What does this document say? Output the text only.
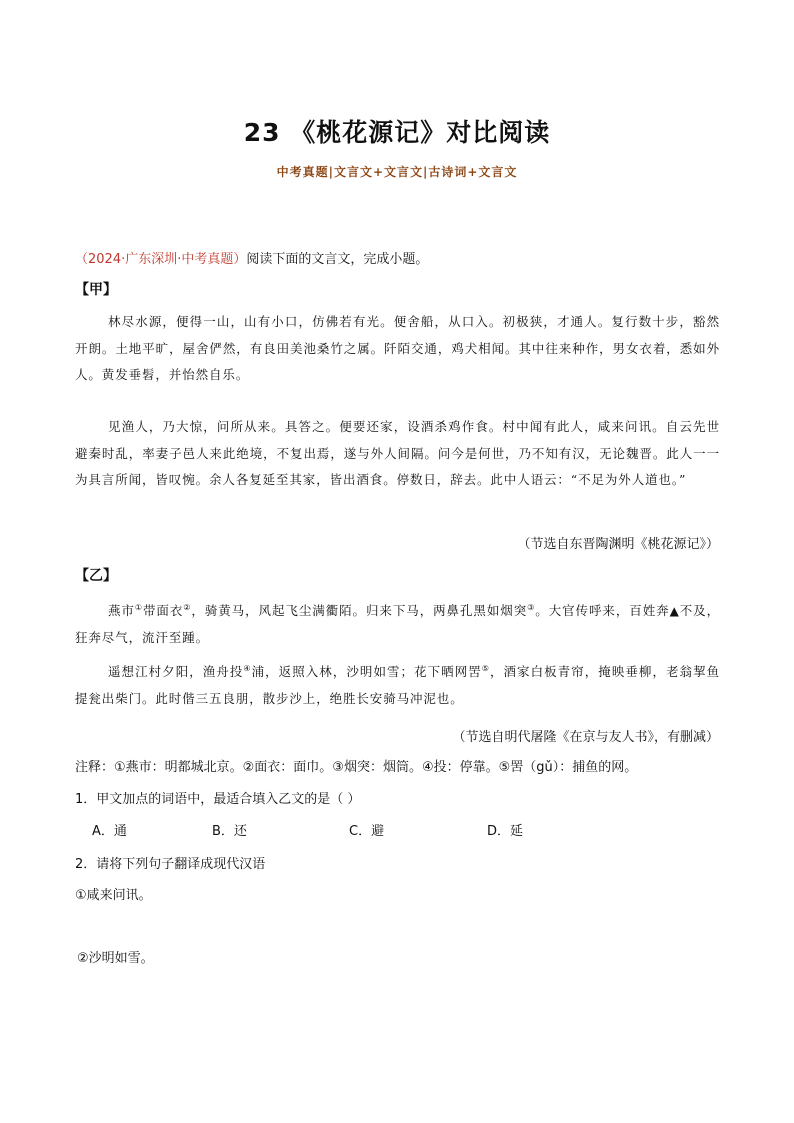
23 《桃花源记》对比阅读
中考真题|文言文+文言文|古诗词+文言文
（2024·广东深圳·中考真题）阅读下面的文言文，完成小题。
【甲】
林尽水源，便得一山，山有小口，仿佛若有光。便舍船，从口入。初极狭，才通人。复行数十步，豁然开朗。土地平旷，屋舍俨然，有良田美池桑竹之属。阡陌交通，鸡犬相闻。其中往来种作，男女衣着，悉如外人。黄发垂髫，并怡然自乐。
见渔人，乃大惊，问所从来。具答之。便要还家，设酒杀鸡作食。村中闻有此人，咸来问讯。自云先世避秦时乱，率妻子邑人来此绝境，不复出焉，遂与外人间隔。问今是何世，乃不知有汉，无论魏晋。此人一一为具言所闻，皆叹惋。余人各复延至其家，皆出酒食。停数日，辞去。此中人语云：“不足为外人道也。”
（节选自东晋陶渊明《桃花源记》）
【乙】
燕市①带面衣②，骑黄马，风起飞尘满衢陌。归来下马，两鼻孔黑如烟突③。大官传呼来，百姓奔▲不及，狂奔尽气，流汗至踵。
遥想江村夕阳，渔舟投④浦，返照入林，沙明如雪；花下晒网罟⑤，酒家白板青帘，掩映垂柳，老翁挈鱼提瓮出柴门。此时偕三五良朋，散步沙上，绝胜长安骑马冲泥也。
（节选自明代屠隆《在京与友人书》，有删减）
注释：①燕市：明都城北京。②面衣：面巾。③烟突：烟筒。④投：停靠。⑤罟（gǔ）：捕鱼的网。
1．甲文加点的词语中，最适合填入乙文的是（ ）
A．通	B．还	C．避	D．延
2．请将下列句子翻译成现代汉语
①咸来问讯。
②沙明如雪。
